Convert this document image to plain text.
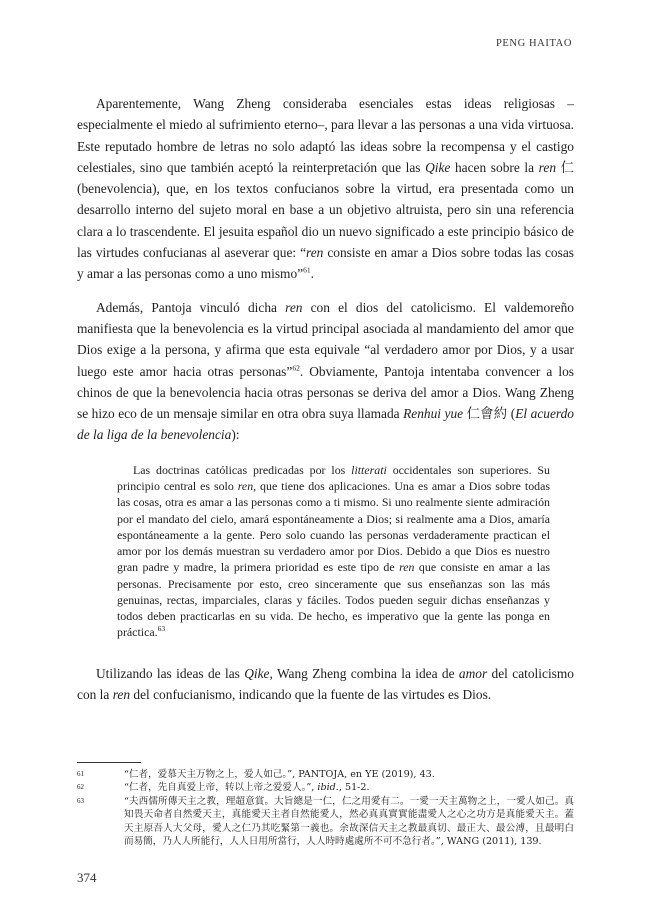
PENG HAITAO

Aparentemente, Wang Zheng consideraba esenciales estas ideas religiosas –especialmente el miedo al sufrimiento eterno–, para llevar a las personas a una vida virtuosa. Este reputado hombre de letras no solo adaptó las ideas sobre la recompensa y el castigo celestiales, sino que también aceptó la reinterpretación que las Qike hacen sobre la ren 仁 (benevolencia), que, en los textos confucianos sobre la virtud, era presentada como un desarrollo interno del sujeto moral en base a un objetivo altruista, pero sin una referencia clara a lo trascendente. El jesuita español dio un nuevo significado a este principio básico de las virtudes confucianas al aseverar que: “ren consiste en amar a Dios sobre todas las cosas y amar a las personas como a uno mismo”$^{61}$.

Además, Pantoja vinculó dicha ren con el dios del catolicismo. El valdemoreño manifiesta que la benevolencia es la virtud principal asociada al mandamiento del amor que Dios exige a la persona, y afirma que esta equivale “al verdadero amor por Dios, y a usar luego este amor hacia otras personas”$^{62}$. Obviamente, Pantoja intentaba convencer a los chinos de que la benevolencia hacia otras personas se deriva del amor a Dios. Wang Zheng se hizo eco de un mensaje similar en otra obra suya llamada Renhui yue 仁會約 (El acuerdo de la liga de la benevolencia):

Las doctrinas católicas predicadas por los litterati occidentales son superiores. Su principio central es solo ren, que tiene dos aplicaciones. Una es amar a Dios sobre todas las cosas, otra es amar a las personas como a ti mismo. Si uno realmente siente admiración por el mandato del cielo, amará espontáneamente a Dios; si realmente ama a Dios, amaría espontáneamente a la gente. Pero solo cuando las personas verdaderamente practican el amor por los demás muestran su verdadero amor por Dios. Debido a que Dios es nuestro gran padre y madre, la primera prioridad es este tipo de ren que consiste en amar a las personas. Precisamente por esto, creo sinceramente que sus enseñanzas son las más genuinas, rectas, imparciales, claras y fáciles. Todos pueden seguir dichas enseñanzas y todos deben practicarlas en su vida. De hecho, es imperativo que la gente las ponga en práctica.$^{63}$

Utilizando las ideas de las Qike, Wang Zheng combina la idea de amor del catolicismo con la ren del confucianismo, indicando que la fuente de las virtudes es Dios.

61	“仁者，爱慕天主万物之上，爱人如己。”, PANTOJA, en YE (2019), 43.
62	“仁者，先自真爱上帝，转以上帝之爱爱人。”, ibid., 51-2.
63	“夫西儒所傳天主之教，理超意賞。大旨總是一仁，仁之用愛有二。一愛一天主萬物之上，一愛人如己。真知畏天命者自然愛天主，真能愛天主者自然能愛人，然必真真實實能盡愛人之心之功方是真能愛天主。蓋天主原吾人大父母，愛人之仁乃其吃緊第一義也。余故深信天主之教最真切、最正大、最公溥，且最明白而易簡，乃人人所能行，人人日用所當行，人人時時處處所不可不急行者。”, WANG (2011), 139.
374
